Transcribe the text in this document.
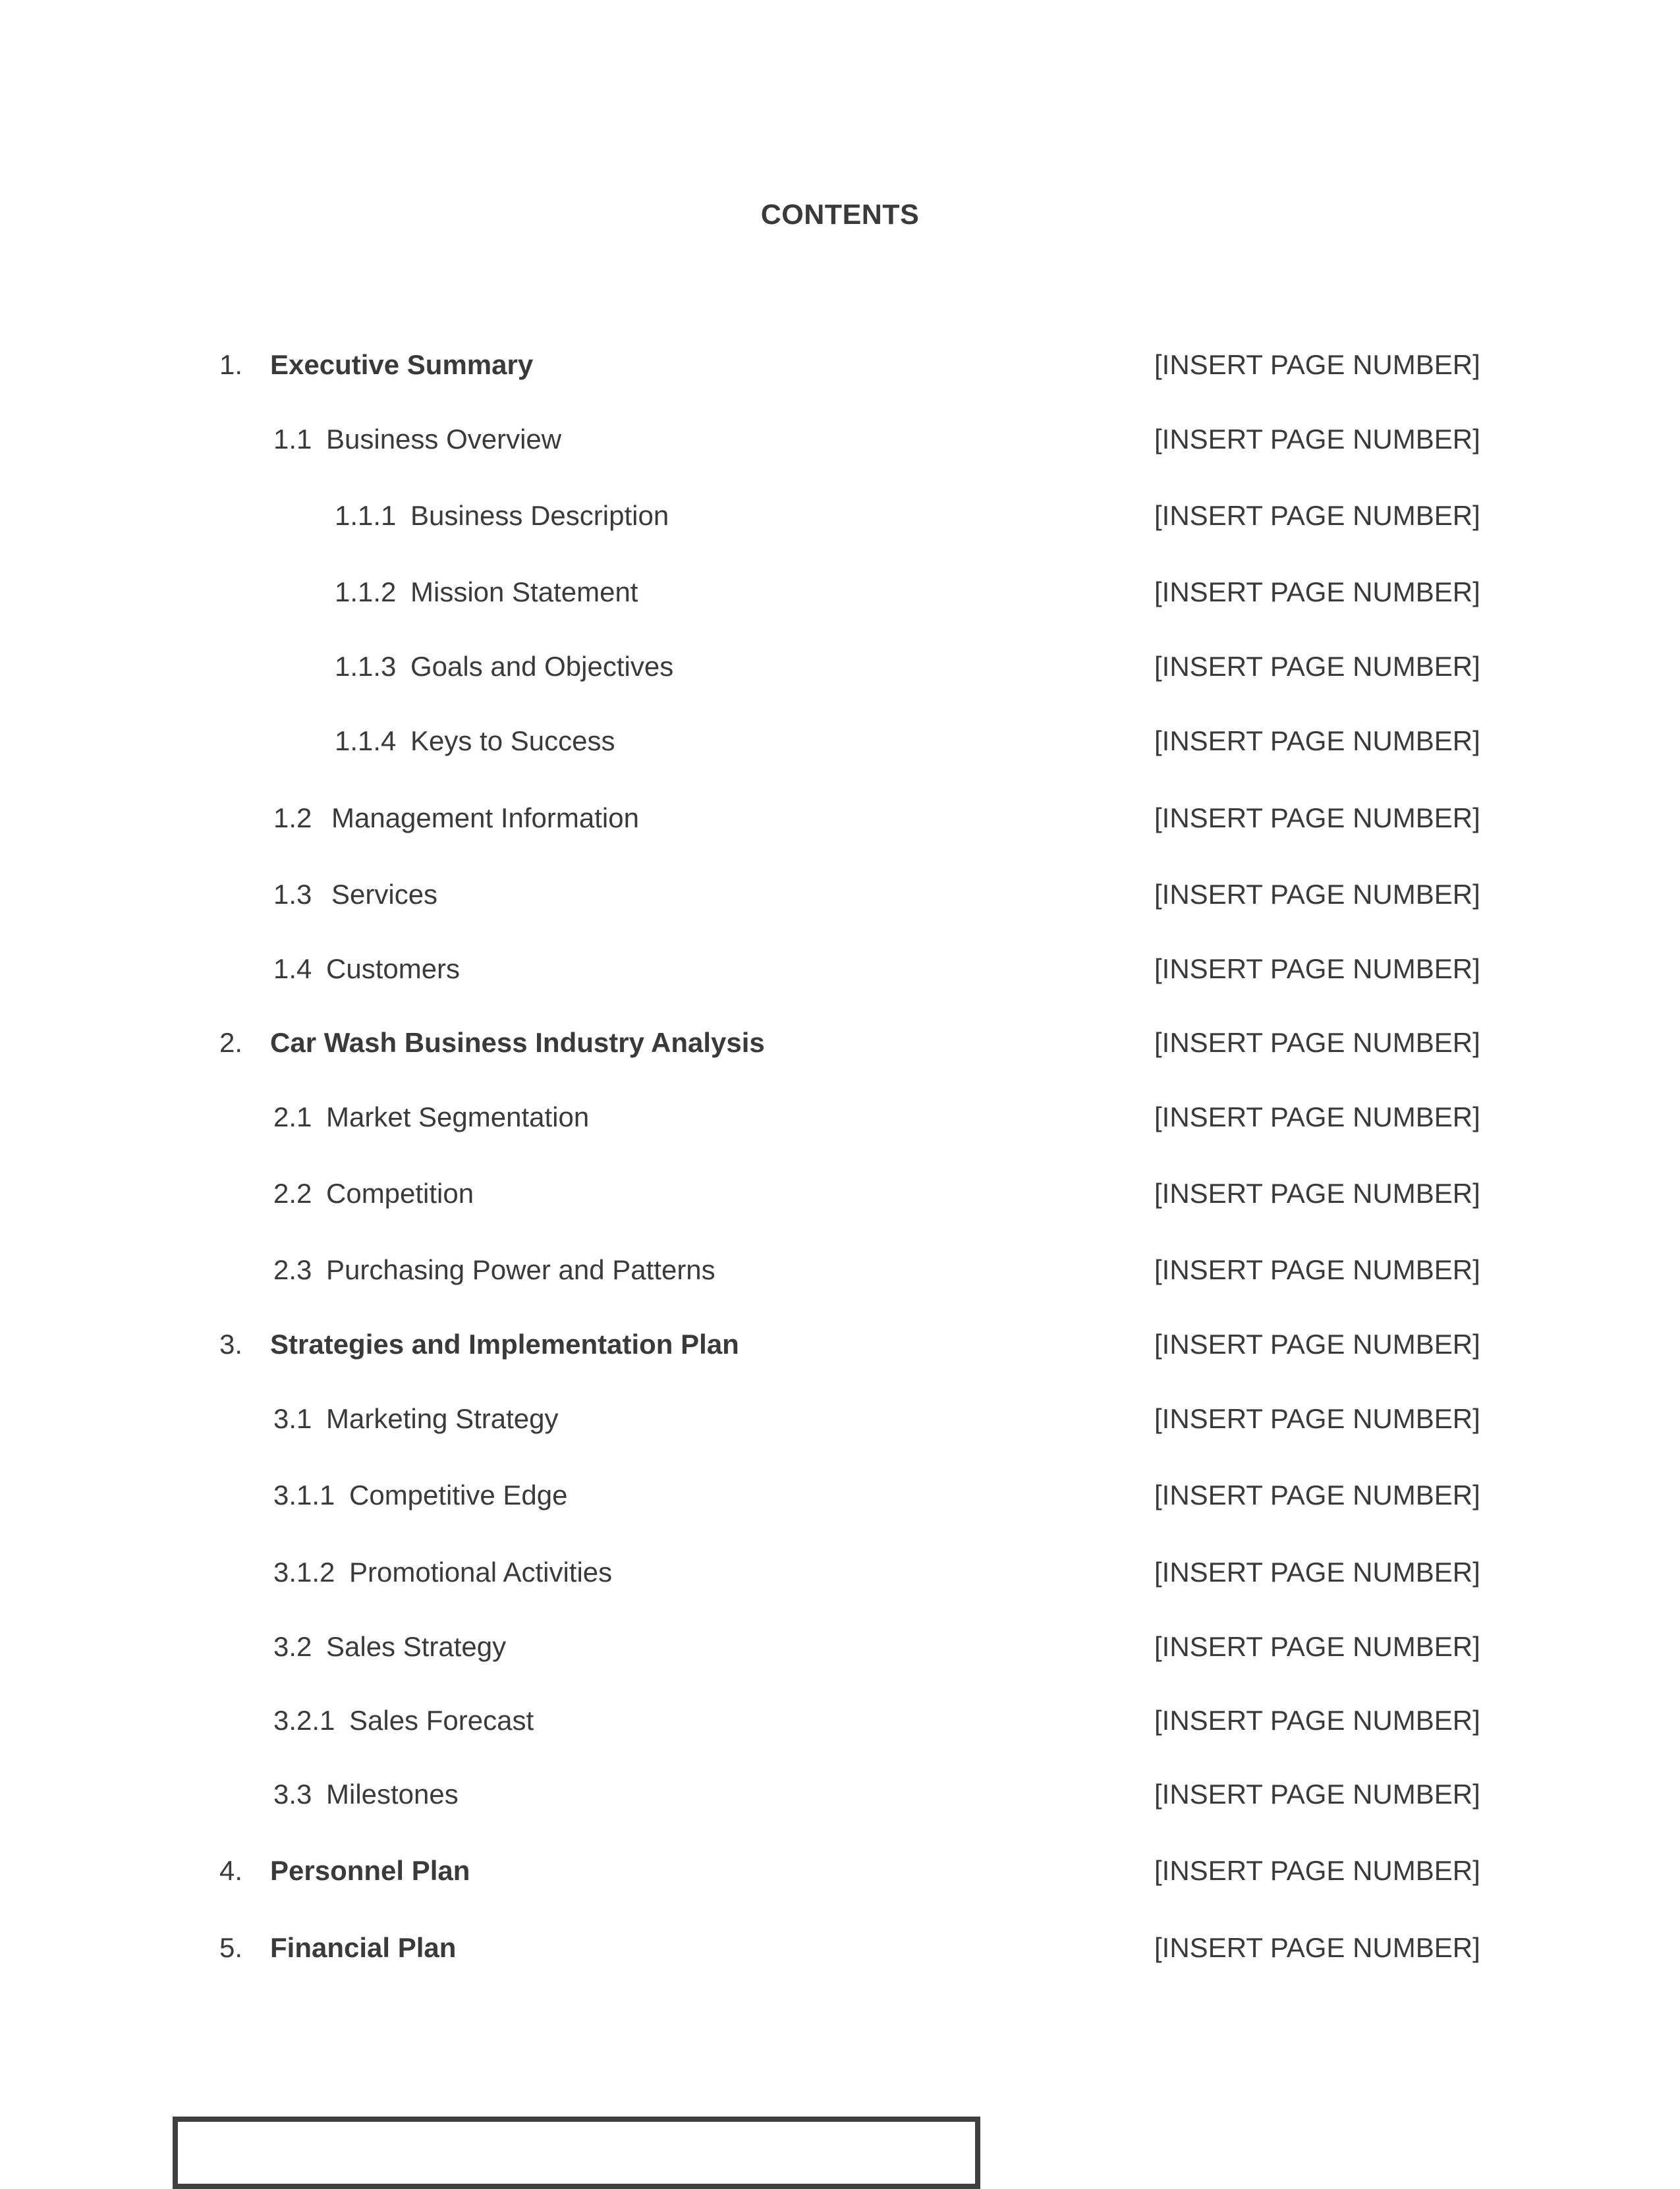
CONTENTS
1. Executive Summary	[INSERT PAGE NUMBER]
1.1 Business Overview	[INSERT PAGE NUMBER]
1.1.1 Business Description	[INSERT PAGE NUMBER]
1.1.2 Mission Statement	[INSERT PAGE NUMBER]
1.1.3 Goals and Objectives	[INSERT PAGE NUMBER]
1.1.4 Keys to Success	[INSERT PAGE NUMBER]
1.2 Management Information	[INSERT PAGE NUMBER]
1.3 Services	[INSERT PAGE NUMBER]
1.4 Customers	[INSERT PAGE NUMBER]
2. Car Wash Business Industry Analysis	[INSERT PAGE NUMBER]
2.1 Market Segmentation	[INSERT PAGE NUMBER]
2.2 Competition	[INSERT PAGE NUMBER]
2.3 Purchasing Power and Patterns	[INSERT PAGE NUMBER]
3. Strategies and Implementation Plan	[INSERT PAGE NUMBER]
3.1 Marketing Strategy	[INSERT PAGE NUMBER]
3.1.1 Competitive Edge	[INSERT PAGE NUMBER]
3.1.2 Promotional Activities	[INSERT PAGE NUMBER]
3.2 Sales Strategy	[INSERT PAGE NUMBER]
3.2.1 Sales Forecast	[INSERT PAGE NUMBER]
3.3 Milestones	[INSERT PAGE NUMBER]
4. Personnel Plan	[INSERT PAGE NUMBER]
5. Financial Plan	[INSERT PAGE NUMBER]
